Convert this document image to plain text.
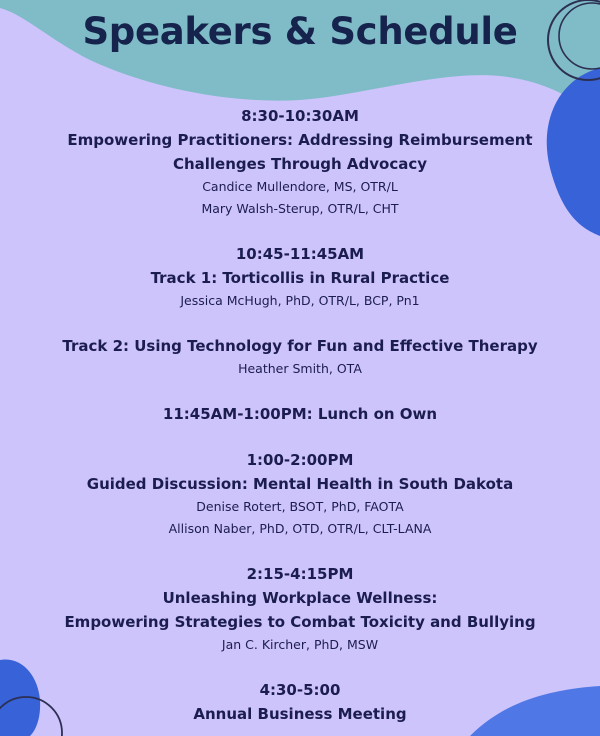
Speakers & Schedule
8:30-10:30AM
Empowering Practitioners: Addressing Reimbursement
Challenges Through Advocacy
Candice Mullendore, MS, OTR/L
Mary Walsh-Sterup, OTR/L, CHT
10:45-11:45AM
Track 1: Torticollis in Rural Practice
Jessica McHugh, PhD, OTR/L, BCP, Pn1
Track 2: Using Technology for Fun and Effective Therapy
Heather Smith, OTA
11:45AM-1:00PM: Lunch on Own
1:00-2:00PM
Guided Discussion: Mental Health in South Dakota
Denise Rotert, BSOT, PhD, FAOTA
Allison Naber, PhD, OTD, OTR/L, CLT-LANA
2:15-4:15PM
Unleashing Workplace Wellness:
Empowering Strategies to Combat Toxicity and Bullying
Jan C. Kircher, PhD, MSW
4:30-5:00
Annual Business Meeting
